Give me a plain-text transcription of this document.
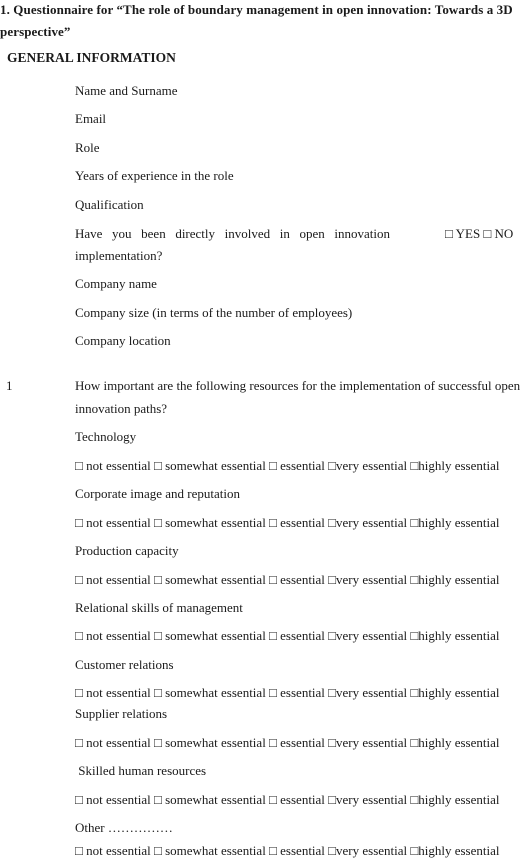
1. Questionnaire for “The role of boundary management in open innovation: Towards a 3D
perspective”
GENERAL INFORMATION
Name and Surname
Email
Role
Years of experience in the role
Qualification
Have you been directly involved in open innovation	□ YES □ NO
implementation?
Company name
Company size (in terms of the number of employees)
Company location
1	How important are the following resources for the implementation of successful open
innovation paths?
Technology
□ not essential □ somewhat essential □ essential □very essential □highly essential
Corporate image and reputation
□ not essential □ somewhat essential □ essential □very essential □highly essential
Production capacity
□ not essential □ somewhat essential □ essential □very essential □highly essential
Relational skills of management
□ not essential □ somewhat essential □ essential □very essential □highly essential
Customer relations
□ not essential □ somewhat essential □ essential □very essential □highly essential
Supplier relations
□ not essential □ somewhat essential □ essential □very essential □highly essential
Skilled human resources
□ not essential □ somewhat essential □ essential □very essential □highly essential
Other ……………
□ not essential □ somewhat essential □ essential □very essential □highly essential
